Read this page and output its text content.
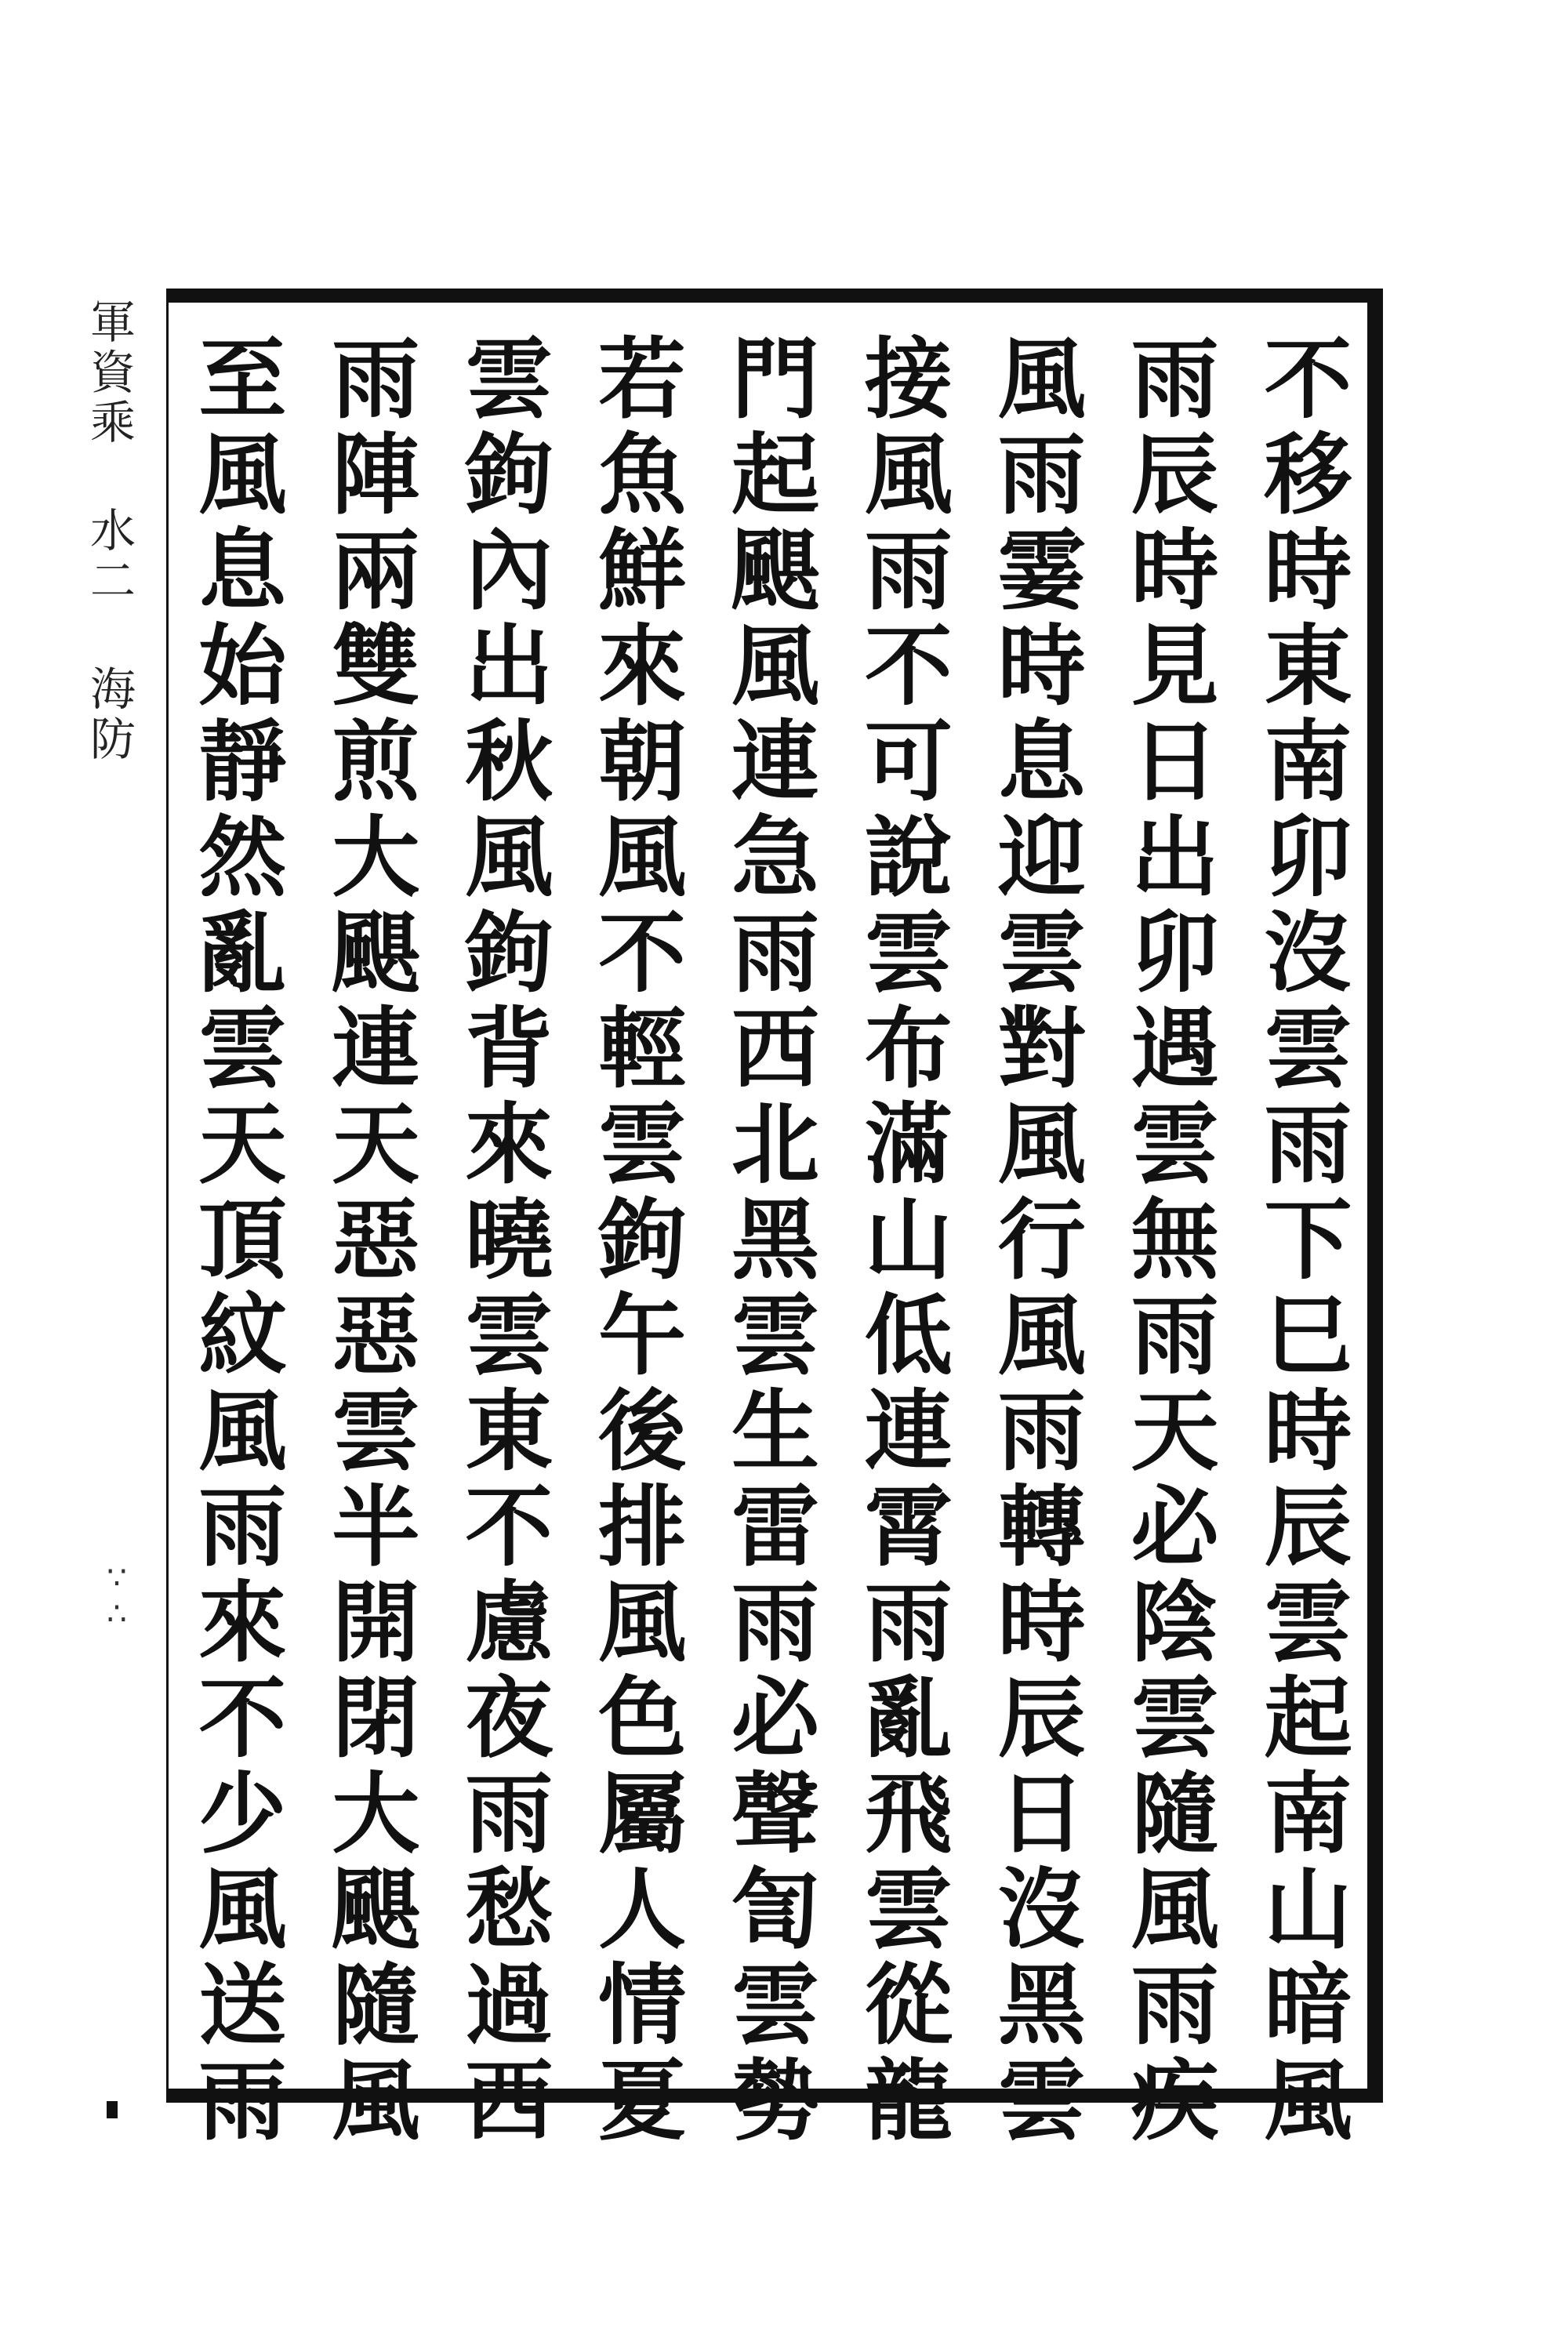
軍資乘 水二 海防
∵∴	不移時東南卯沒雲雨下巳時辰雲起南山暗風
雨辰時見日出卯遇雲無雨天必陰雲隨風雨疾
風雨霎時息迎雲對風行風雨轉時辰日沒黑雲
接風雨不可說雲布滿山低連霄雨亂飛雲從龍
門起颶風連急雨西北黑雲生雷雨必聲訇雲勢
若魚鮮來朝風不輕雲鉤午後排風色屬人情夏
雲鉤內出秋風鉤背來曉雲東不慮夜雨愁過西
雨陣兩雙煎大颶連天惡惡雲半開閉大颶隨風
至風息始靜然亂雲天頂紋風雨來不少風送雨
